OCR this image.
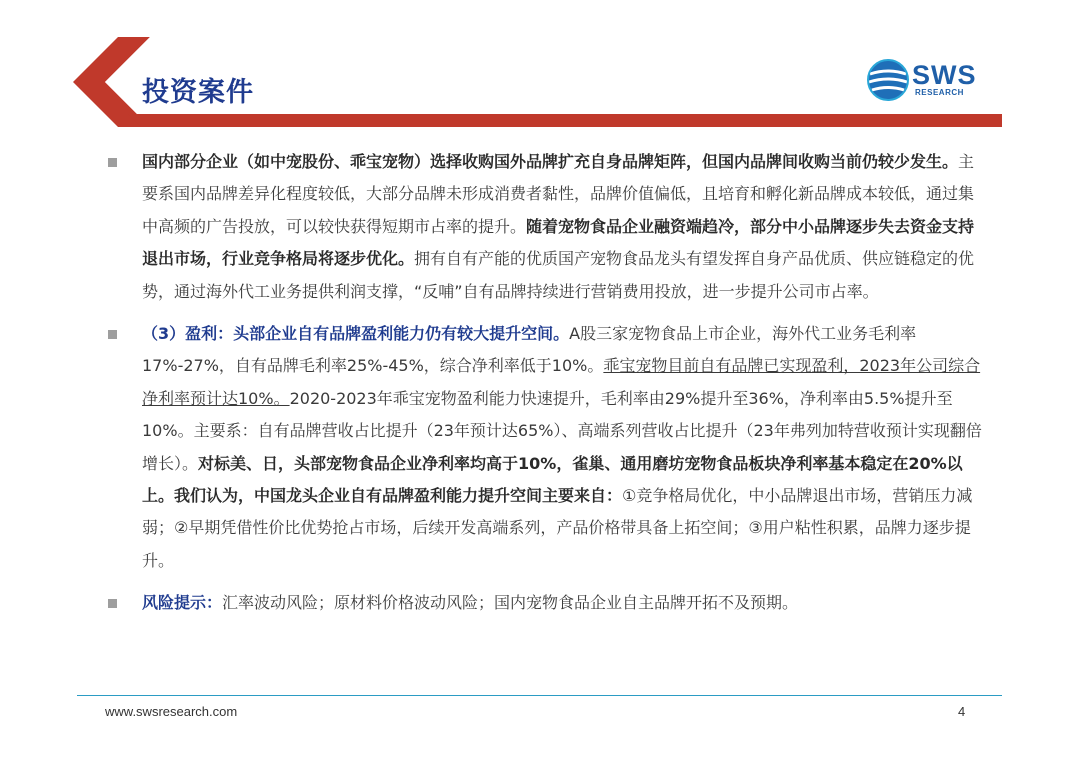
投资案件
SWS
RESEARCH
国内部分企业（如中宠股份、乖宝宠物）选择收购国外品牌扩充自身品牌矩阵，但国内品牌间收购当前仍较少发生。主要系国内品牌差异化程度较低，大部分品牌未形成消费者黏性，品牌价值偏低，且培育和孵化新品牌成本较低，通过集中高频的广告投放，可以较快获得短期市占率的提升。随着宠物食品企业融资端趋冷，部分中小品牌逐步失去资金支持退出市场，行业竞争格局将逐步优化。拥有自有产能的优质国产宠物食品龙头有望发挥自身产品优质、供应链稳定的优势，通过海外代工业务提供利润支撑，“反哺”自有品牌持续进行营销费用投放，进一步提升公司市占率。
（3）盈利：头部企业自有品牌盈利能力仍有较大提升空间。A股三家宠物食品上市企业，海外代工业务毛利率17%-27%，自有品牌毛利率25%-45%，综合净利率低于10%。乖宝宠物目前自有品牌已实现盈利，2023年公司综合净利率预计达10%。2020-2023年乖宝宠物盈利能力快速提升，毛利率由29%提升至36%，净利率由5.5%提升至10%。主要系：自有品牌营收占比提升（23年预计达65%）、高端系列营收占比提升（23年弗列加特营收预计实现翻倍增长）。对标美、日，头部宠物食品企业净利率均高于10%，雀巢、通用磨坊宠物食品板块净利率基本稳定在20%以上。我们认为，中国龙头企业自有品牌盈利能力提升空间主要来自：①竞争格局优化，中小品牌退出市场，营销压力减弱；②早期凭借性价比优势抢占市场，后续开发高端系列，产品价格带具备上拓空间；③用户粘性积累，品牌力逐步提升。
风险提示：汇率波动风险；原材料价格波动风险；国内宠物食品企业自主品牌开拓不及预期。
www.swsresearch.com	4
